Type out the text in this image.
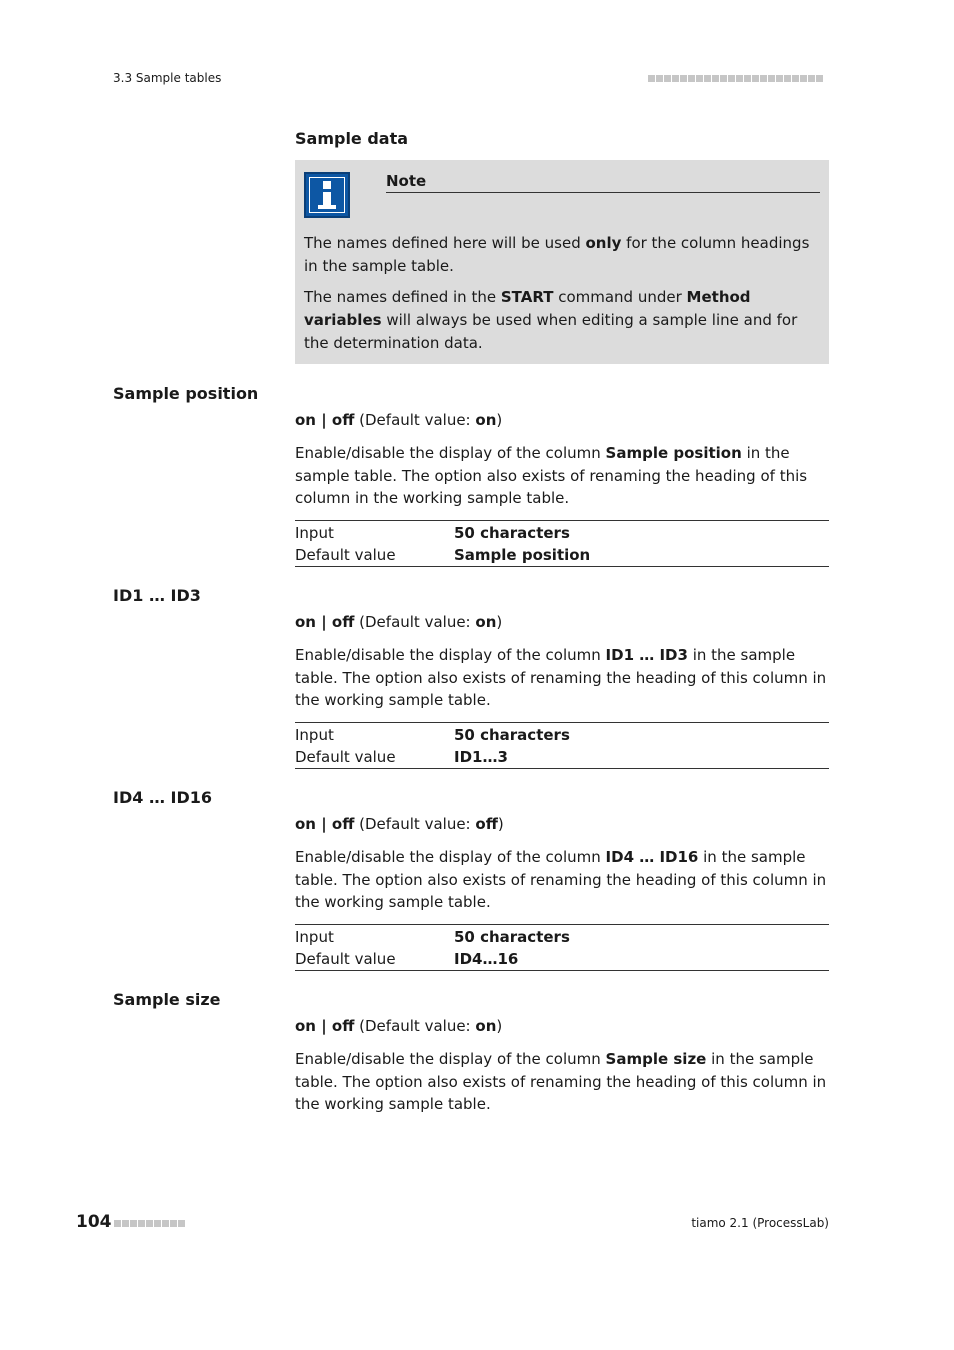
3.3 Sample tables
Sample data
Note

The names defined here will be used only for the column headings in the sample table.

The names defined in the START command under Method variables will always be used when editing a sample line and for the determination data.

Sample position
on | off (Default value: on)

Enable/disable the display of the column Sample position in the sample table. The option also exists of renaming the heading of this column in the working sample table.

Input	50 characters
Default value	Sample position
ID1 … ID3
on | off (Default value: on)

Enable/disable the display of the column ID1 … ID3 in the sample table. The option also exists of renaming the heading of this column in the working sample table.

Input	50 characters
Default value	ID1…3
ID4 … ID16
on | off (Default value: off)

Enable/disable the display of the column ID4 … ID16 in the sample table. The option also exists of renaming the heading of this column in the working sample table.

Input	50 characters
Default value	ID4…16
Sample size
on | off (Default value: on)

Enable/disable the display of the column Sample size in the sample table. The option also exists of renaming the heading of this column in the working sample table.

104	tiamo 2.1 (ProcessLab)
